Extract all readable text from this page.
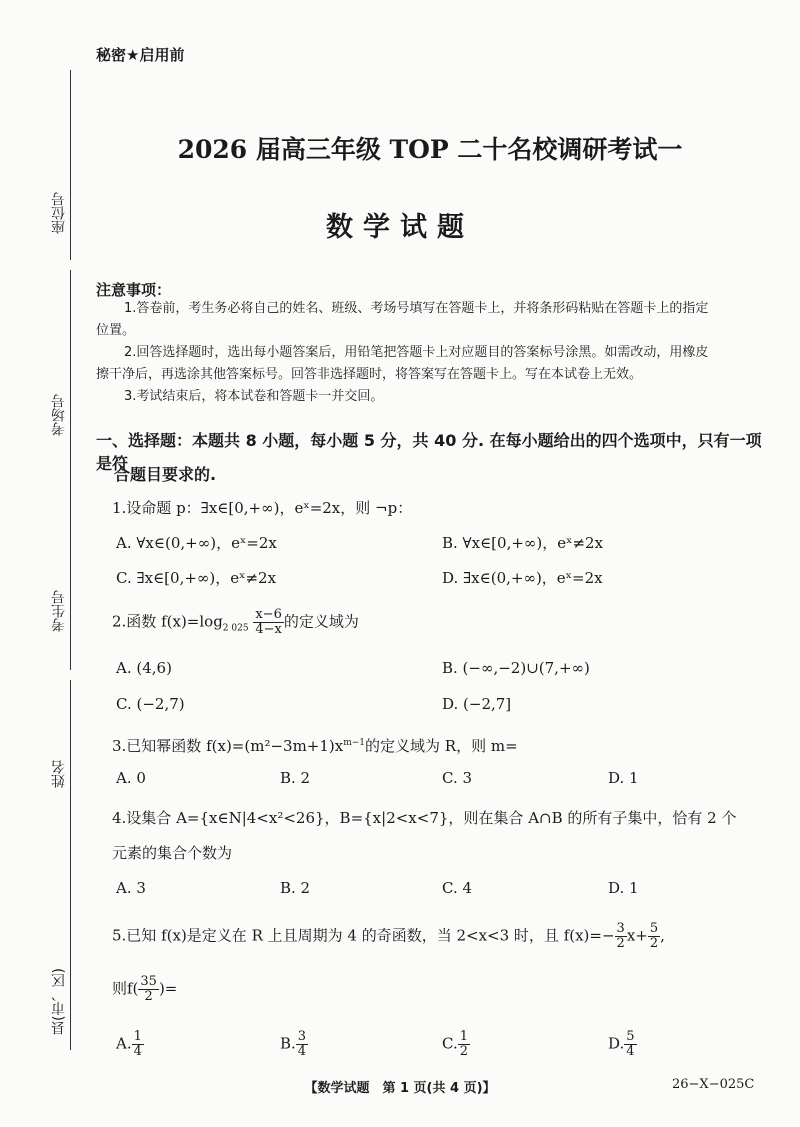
座位号
考场号
考生号
姓名
县(市、区)
秘密★启用前
2026 届高三年级 TOP 二十名校调研考试一
数学试题
注意事项：
1.答卷前，考生务必将自己的姓名、班级、考场号填写在答题卡上，并将条形码粘贴在答题卡上的指定
位置。
2.回答选择题时，选出每小题答案后，用铅笔把答题卡上对应题目的答案标号涂黑。如需改动，用橡皮
擦干净后，再选涂其他答案标号。回答非选择题时，将答案写在答题卡上。写在本试卷上无效。
3.考试结束后，将本试卷和答题卡一并交回。
一、选择题：本题共 8 小题，每小题 5 分，共 40 分. 在每小题给出的四个选项中，只有一项是符
合题目要求的.
1.设命题 p：∃x∈[0,+∞)，eˣ=2x，则 ¬p：
A. ∀x∈(0,+∞)，eˣ=2x	B. ∀x∈[0,+∞)，eˣ≠2x
C. ∃x∈[0,+∞)，eˣ≠2x	D. ∃x∈(0,+∞)，eˣ=2x
2.函数 $f(x)=\log_{2 025} \frac{x-6}{4-x}$ 的定义域为
A. (4,6)	B. (−∞,−2)∪(7,+∞)
C. (−2,7)	D. (−2,7]
3.已知幂函数 $f(x)=(m^2-3m+1)x^{m-1}$的定义域为 R，则 m=
A. 0	B. 2	C. 3	D. 1
4.设集合 A={x∈N|4<x²<26}，B={x|2<x<7}，则在集合 A∩B 的所有子集中，恰有 2 个
元素的集合个数为
A. 3	B. 2	C. 4	D. 1
5.已知 f(x)是定义在 R 上且周期为 4 的奇函数，当 2<x<3 时，且 $f(x)=- \frac{3}{2} x+ \frac{5}{2}$ ,
则$f( \frac{35}{2}$ )=
A. $\frac{1}{4}$	B. $\frac{3}{4}$	C. $\frac{1}{2}$	D. $\frac{5}{4}$
【数学试题　第 1 页(共 4 页)】	26−X−025C
